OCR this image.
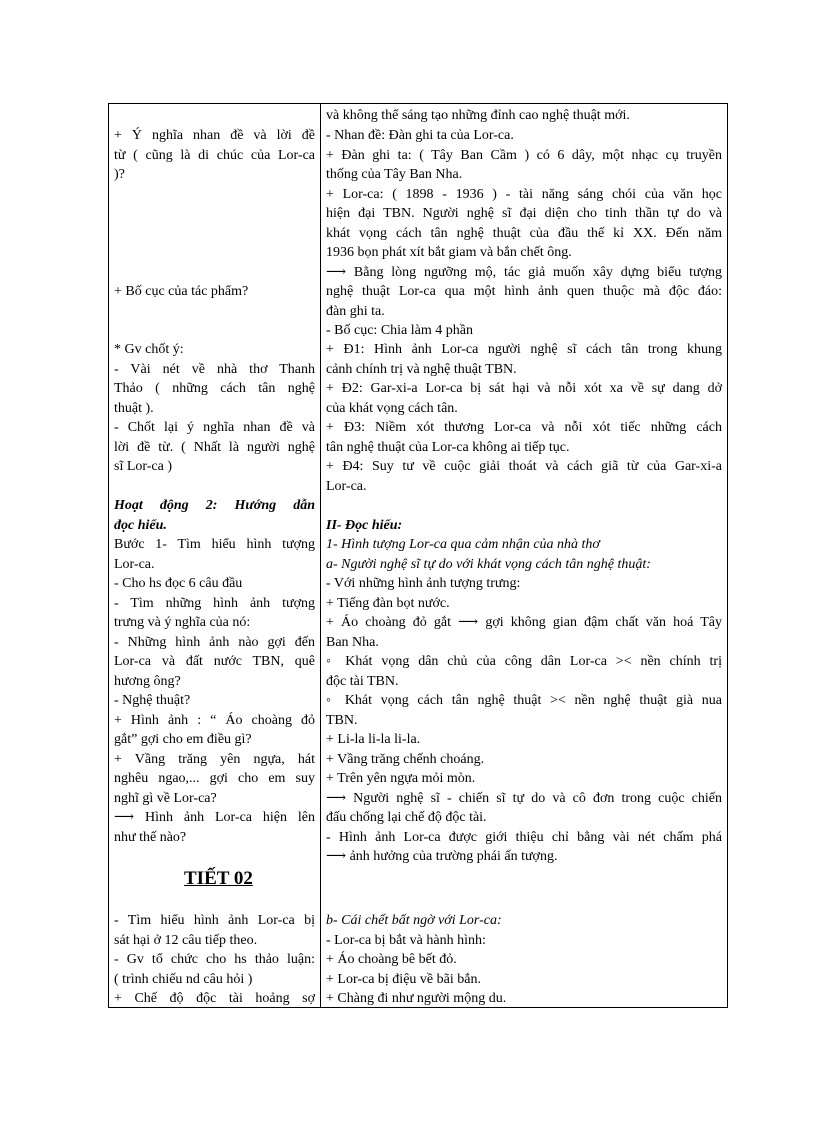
TIẾT 02
+ Ý nghĩa nhan đề và lời đề
từ ( cũng là di chúc của Lor-ca
)?
+ Bố cục của tác phẩm?
* Gv chốt ý:
- Vài nét về nhà thơ Thanh
Thảo ( những cách tân nghệ
thuật ).
- Chốt lại ý nghĩa nhan đề và
lời đề từ. ( Nhất là người nghệ
sĩ Lor-ca )
Hoạt động 2: Hướng dẫn
đọc hiểu.
Bước 1- Tìm hiểu hình tượng
Lor-ca.
- Cho hs đọc 6 câu đầu
- Tìm những hình ảnh tượng
trưng và ý nghĩa của nó:
- Những hình ảnh nào gợi đến
Lor-ca và đất nước TBN, quê
hương ông?
- Nghệ thuật?
+ Hình ảnh : “ Áo choàng đỏ
gắt” gợi cho em điều gì?
+ Vầng trăng yên ngựa, hát
nghêu ngao,... gợi cho em suy
nghĩ gì về Lor-ca?
⟶ Hình ảnh Lor-ca hiện lên
như thế nào?
- Tìm hiểu hình ảnh Lor-ca bị
sát hại ở 12 câu tiếp theo.
- Gv tổ chức cho hs thảo luận:
( trình chiếu nd câu hỏi )
+ Chế độ độc tài hoảng sợ
và không thể sáng tạo những đỉnh cao nghệ thuật mới.
- Nhan đề: Đàn ghi ta của Lor-ca.
+ Đàn ghi ta: ( Tây Ban Cầm ) có 6 dây, một nhạc cụ truyền
thống của Tây Ban Nha.
+ Lor-ca: ( 1898 - 1936 ) - tài năng sáng chói của văn học
hiện đại TBN. Người nghệ sĩ đại diện cho tinh thần tự do và
khát vọng cách tân nghệ thuật của đầu thế kỉ XX. Đến năm
1936 bọn phát xít bắt giam và bắn chết ông.
⟶ Bằng lòng ngưỡng mộ, tác giả muốn xây dựng biểu tượng
nghệ thuật Lor-ca qua một hình ảnh quen thuộc mà độc đáo:
đàn ghi ta.
- Bố cục: Chia làm 4 phần
+ Đ1: Hình ảnh Lor-ca người nghệ sĩ cách tân trong khung
cảnh chính trị và nghệ thuật TBN.
+ Đ2: Gar-xi-a Lor-ca bị sát hại và nỗi xót xa về sự dang dở
của khát vọng cách tân.
+ Đ3: Niềm xót thương Lor-ca và nỗi xót tiếc những cách
tân nghệ thuật của Lor-ca không ai tiếp tục.
+ Đ4: Suy tư về cuộc giải thoát và cách giã từ của Gar-xi-a
Lor-ca.
II- Đọc hiểu:
1- Hình tượng Lor-ca qua cảm nhận của nhà thơ
a- Người nghệ sĩ tự do với khát vọng cách tân nghệ thuật:
- Với những hình ảnh tượng trưng:
+ Tiếng đàn bọt nước.
+ Áo choàng đỏ gắt ⟶ gợi không gian đậm chất văn hoá Tây
Ban Nha.
◦ Khát vọng dân chủ của công dân Lor-ca >< nền chính trị
độc tài TBN.
◦ Khát vọng cách tân nghệ thuật >< nền nghệ thuật già nua
TBN.
+ Li-la li-la li-la.
+ Vầng trăng chếnh choáng.
+ Trên yên ngựa mỏi mòn.
⟶ Người nghệ sĩ - chiến sĩ tự do và cô đơn trong cuộc chiến
đấu chống lại chế độ độc tài.
- Hình ảnh Lor-ca được giới thiệu chỉ bằng vài nét chấm phá
⟶ ảnh hưởng của trường phái ấn tượng.
b- Cái chết bất ngờ với Lor-ca:
- Lor-ca bị bắt và hành hình:
+ Áo choàng bê bết đỏ.
+ Lor-ca bị điệu về bãi bắn.
+ Chàng đi như người mộng du.
